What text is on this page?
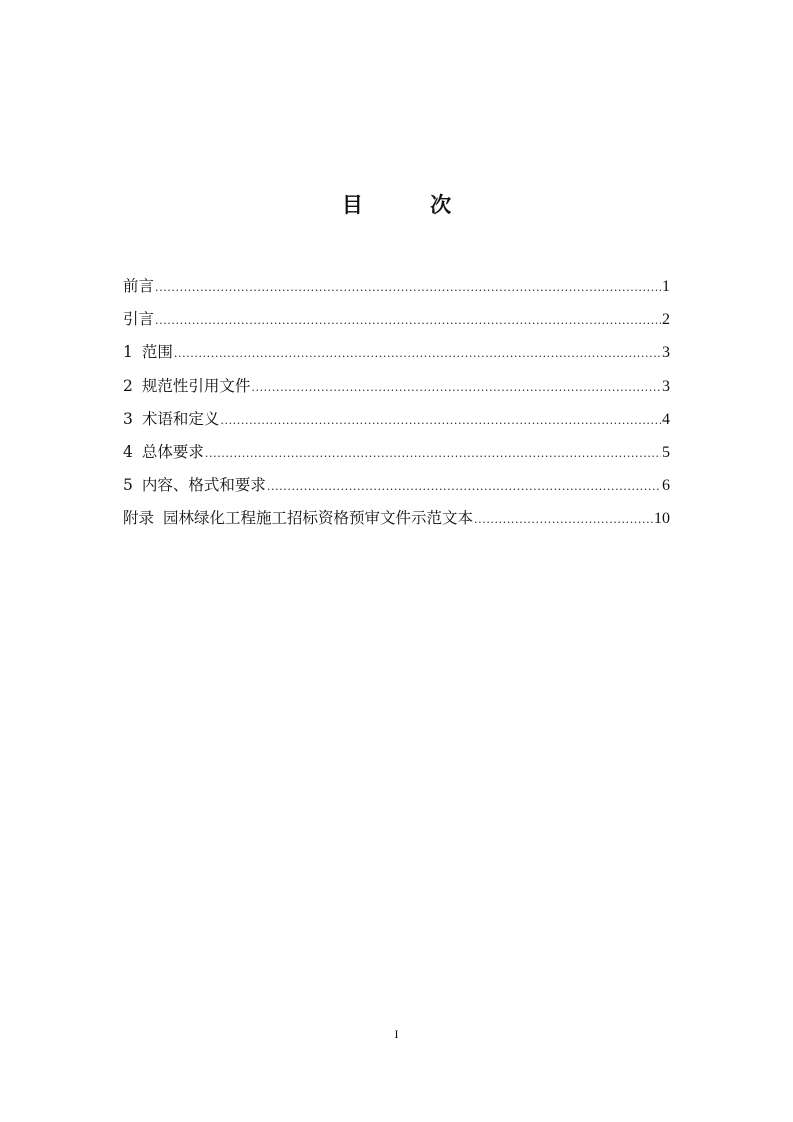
目 次
前言 .....	1
引言 .....	2
1 范围 .....	3
2 规范性引用文件 .....	3
3 术语和定义 .....	4
4 总体要求 .....	5
5 内容、格式和要求 .....	6
附录 园林绿化工程施工招标资格预审文件示范文本 .....	10
I
